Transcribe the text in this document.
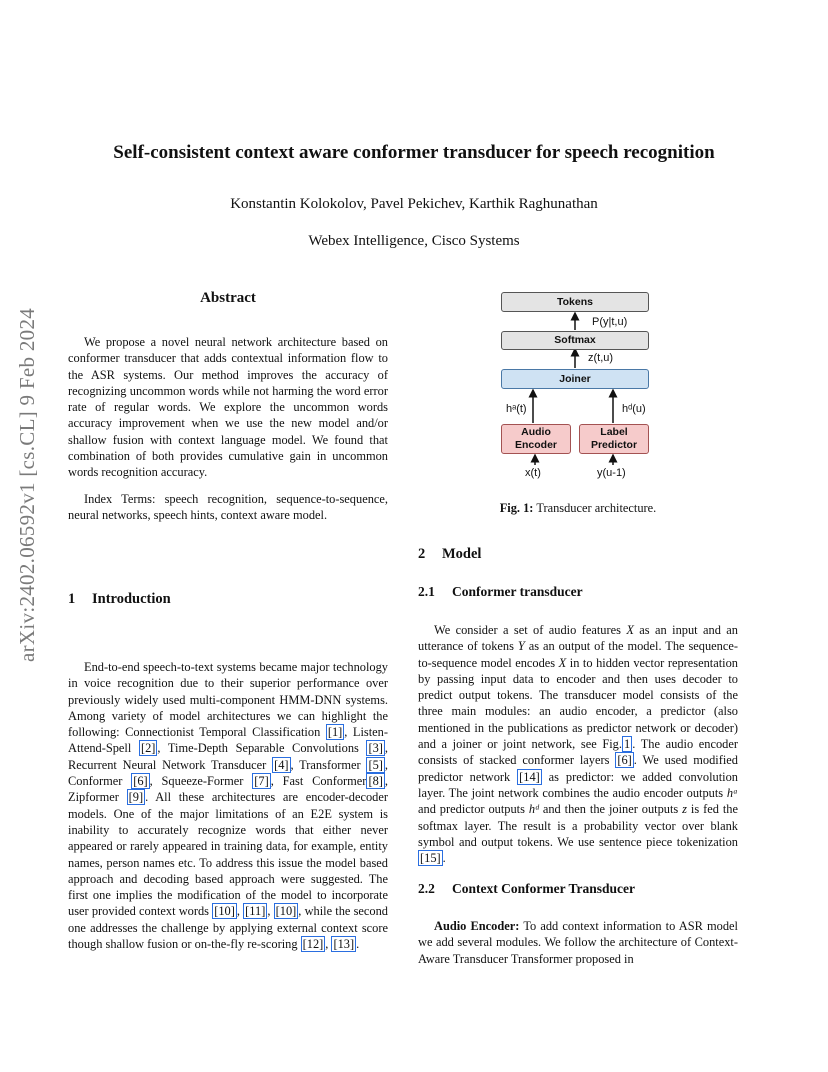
arXiv:2402.06592v1 [cs.CL] 9 Feb 2024
Self-consistent context aware conformer transducer for speech recognition
Konstantin Kolokolov, Pavel Pekichev, Karthik Raghunathan
Webex Intelligence, Cisco Systems
Abstract

We propose a novel neural network architecture based on conformer transducer that adds contextual information flow to the ASR systems. Our method improves the accuracy of recognizing uncommon words while not harming the word error rate of regular words. We explore the uncommon words accuracy improvement when we use the new model and/or shallow fusion with context language model. We found that combination of both provides cumulative gain in uncommon words recognition accuracy.

Index Terms: speech recognition, sequence-to-sequence, neural networks, speech hints, context aware model.

1 Introduction

End-to-end speech-to-text systems became major technology in voice recognition due to their superior performance over previously widely used multi-component HMM-DNN systems. Among variety of model architectures we can highlight the following: Connectionist Temporal Classification [1] , Listen-Attend-Spell [2] , Time-Depth Separable Convolutions [3] , Recurrent Neural Network Transducer [4] , Transformer [5] , Conformer [6] , Squeeze-Former [7] , Fast Conformer [8] , Zipformer [9] . All these architectures are encoder-decoder models. One of the major limitations of an E2E system is inability to accurately recognize words that either never appeared or rarely appeared in training data, for example, entity names, person names etc. To address this issue the model based approach and decoding based approach were suggested. The first one implies the modification of the model to incorporate user provided context words [10] , [11] , [10] , while the second one addresses the challenge by applying external context score though shallow fusion or on-the-fly re-scoring [12] , [13] .

Tokens
P(y|t,u)
Softmax
z(t,u)
Joiner
hᵃ(t)	hᵈ(u)
Audio Encoder
Label Predictor
x(t)	y(u-1)
Fig. 1: Transducer architecture.
2 Model
2.1 Conformer transducer

We consider a set of audio features X as an input and an utterance of tokens Y as an output of the model. The sequence-to-sequence model encodes X in to hidden vector representation by passing input data to encoder and then uses decoder to predict output tokens. The transducer model consists of the three main modules: an audio encoder, a predictor (also mentioned in the publications as predictor network or decoder) and a joiner or joint network, see Fig. 1 . The audio encoder consists of stacked conformer layers [6] . We used modified predictor network [14] as predictor: we added convolution layer. The joint network combines the audio encoder outputs hᵃ and predictor outputs hᵈ and then the joiner outputs z is fed the softmax layer. The result is a probability vector over blank symbol and output tokens. We use sentence piece tokenization [15] .

2.2 Context Conformer Transducer

Audio Encoder: To add context information to ASR model we add several modules. We follow the architecture of Context-Aware Transducer Transformer proposed in
